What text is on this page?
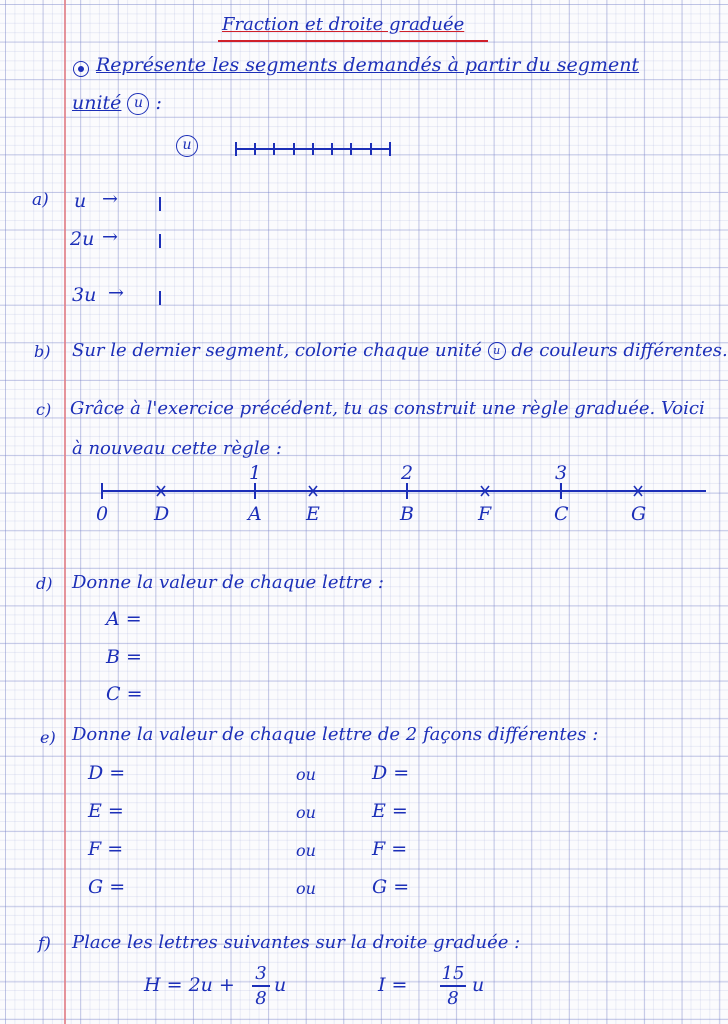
Fraction et droite graduée
Représente les segments demandés à partir du segment
unité u :
u
a) u →
2u →
3u →
b) Sur le dernier segment, colorie chaque unité u de couleurs différentes.
c) Grâce à l'exercice précédent, tu as construit une règle graduée. Voici
à nouveau cette règle :
1	2	3
0 D	A E	B	F	C	G
d) Donne la valeur de chaque lettre :
A =
B =
C =
e) Donne la valeur de chaque lettre de 2 façons différentes :
D =	ou	D =
E =	ou	E =
F =	ou	F =
G =	ou	G =
f) Place les lettres suivantes sur la droite graduée :
H = 2u +
3
8
u	I =
15
8
u
